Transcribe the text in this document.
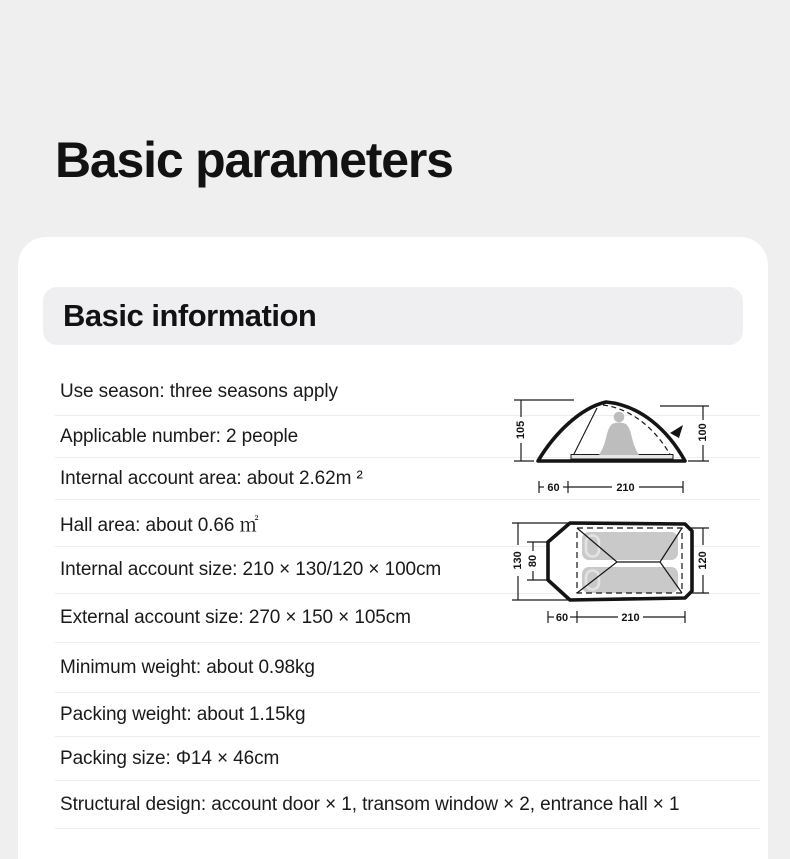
Basic parameters
Basic information
Use season: three seasons apply
Applicable number: 2 people
Internal account area: about 2.62m ²
Hall area: about 0.66 ㎡
Internal account size: 210 × 130/120 × 100cm
External account size: 270 × 150 × 105cm
Minimum weight: about 0.98kg
Packing weight: about 1.15kg
Packing size: Φ14 × 46cm
Structural design: account door × 1, transom window × 2, entrance hall × 1
105	100
60	210
130 80	120
60	210
